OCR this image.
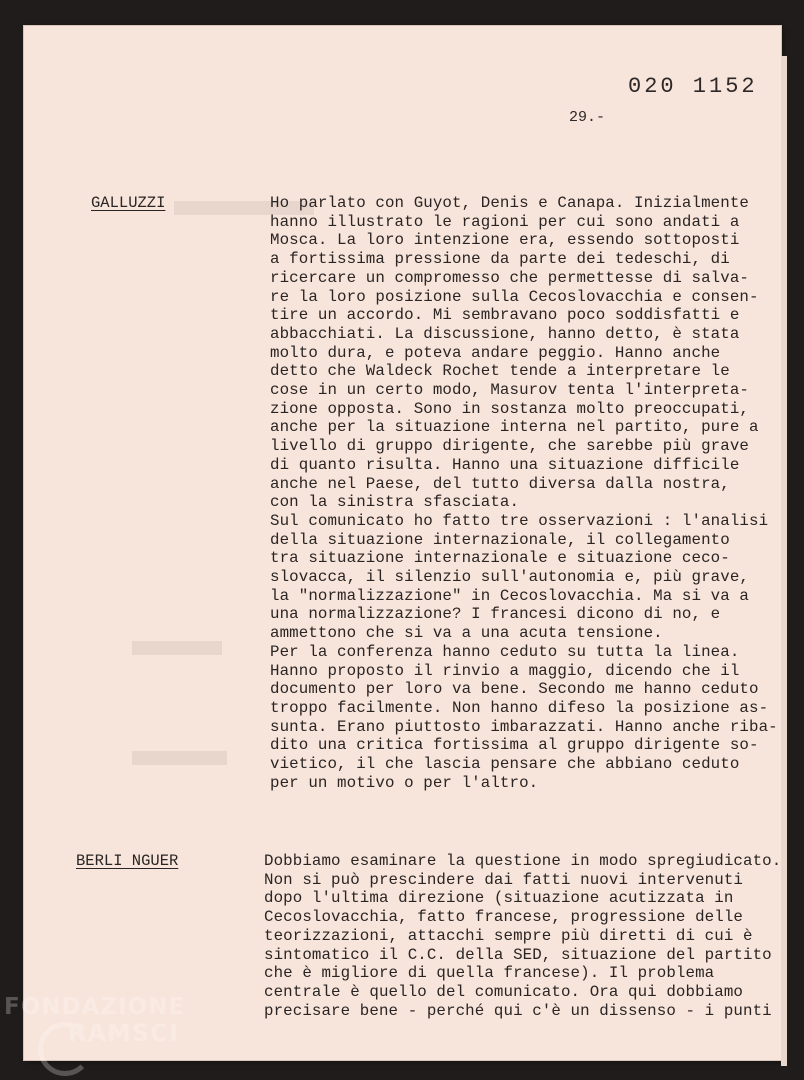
020 1152
29.-
GALLUZZI	Ho parlato con Guyot, Denis e Canapa. Inizialmente
hanno illustrato le ragioni per cui sono andati a
Mosca. La loro intenzione era, essendo sottoposti
a fortissima pressione da parte dei tedeschi, di
ricercare un compromesso che permettesse di salva-
re la loro posizione sulla Cecoslovacchia e consen-
tire un accordo. Mi sembravano poco soddisfatti e
abbacchiati. La discussione, hanno detto, è stata
molto dura, e poteva andare peggio. Hanno anche
detto che Waldeck Rochet tende a interpretare le
cose in un certo modo, Masurov tenta l'interpreta-
zione opposta. Sono in sostanza molto preoccupati,
anche per la situazione interna nel partito, pure a
livello di gruppo dirigente, che sarebbe più grave
di quanto risulta. Hanno una situazione difficile
anche nel Paese, del tutto diversa dalla nostra,
con la sinistra sfasciata.
Sul comunicato ho fatto tre osservazioni : l'analisi
della situazione internazionale, il collegamento
tra situazione internazionale e situazione ceco-
slovacca, il silenzio sull'autonomia e, più grave,
la "normalizzazione" in Cecoslovacchia. Ma si va a
una normalizzazione? I francesi dicono di no, e
ammettono che si va a una acuta tensione.
Per la conferenza hanno ceduto su tutta la linea.
Hanno proposto il rinvio a maggio, dicendo che il
documento per loro va bene. Secondo me hanno ceduto
troppo facilmente. Non hanno difeso la posizione as-
sunta. Erano piuttosto imbarazzati. Hanno anche riba-
dito una critica fortissima al gruppo dirigente so-
vietico, il che lascia pensare che abbiano ceduto
per un motivo o per l'altro.
BERLI NGUER	Dobbiamo esaminare la questione in modo spregiudicato.
Non si può prescindere dai fatti nuovi intervenuti
dopo l'ultima direzione (situazione acutizzata in
Cecoslovacchia, fatto francese, progressione delle
teorizzazioni, attacchi sempre più diretti di cui è
sintomatico il C.C. della SED, situazione del partito
che è migliore di quella francese). Il problema
centrale è quello del comunicato. Ora qui dobbiamo
precisare bene - perché qui c'è un dissenso - i punti
FONDAZIONE
RAMSCI
